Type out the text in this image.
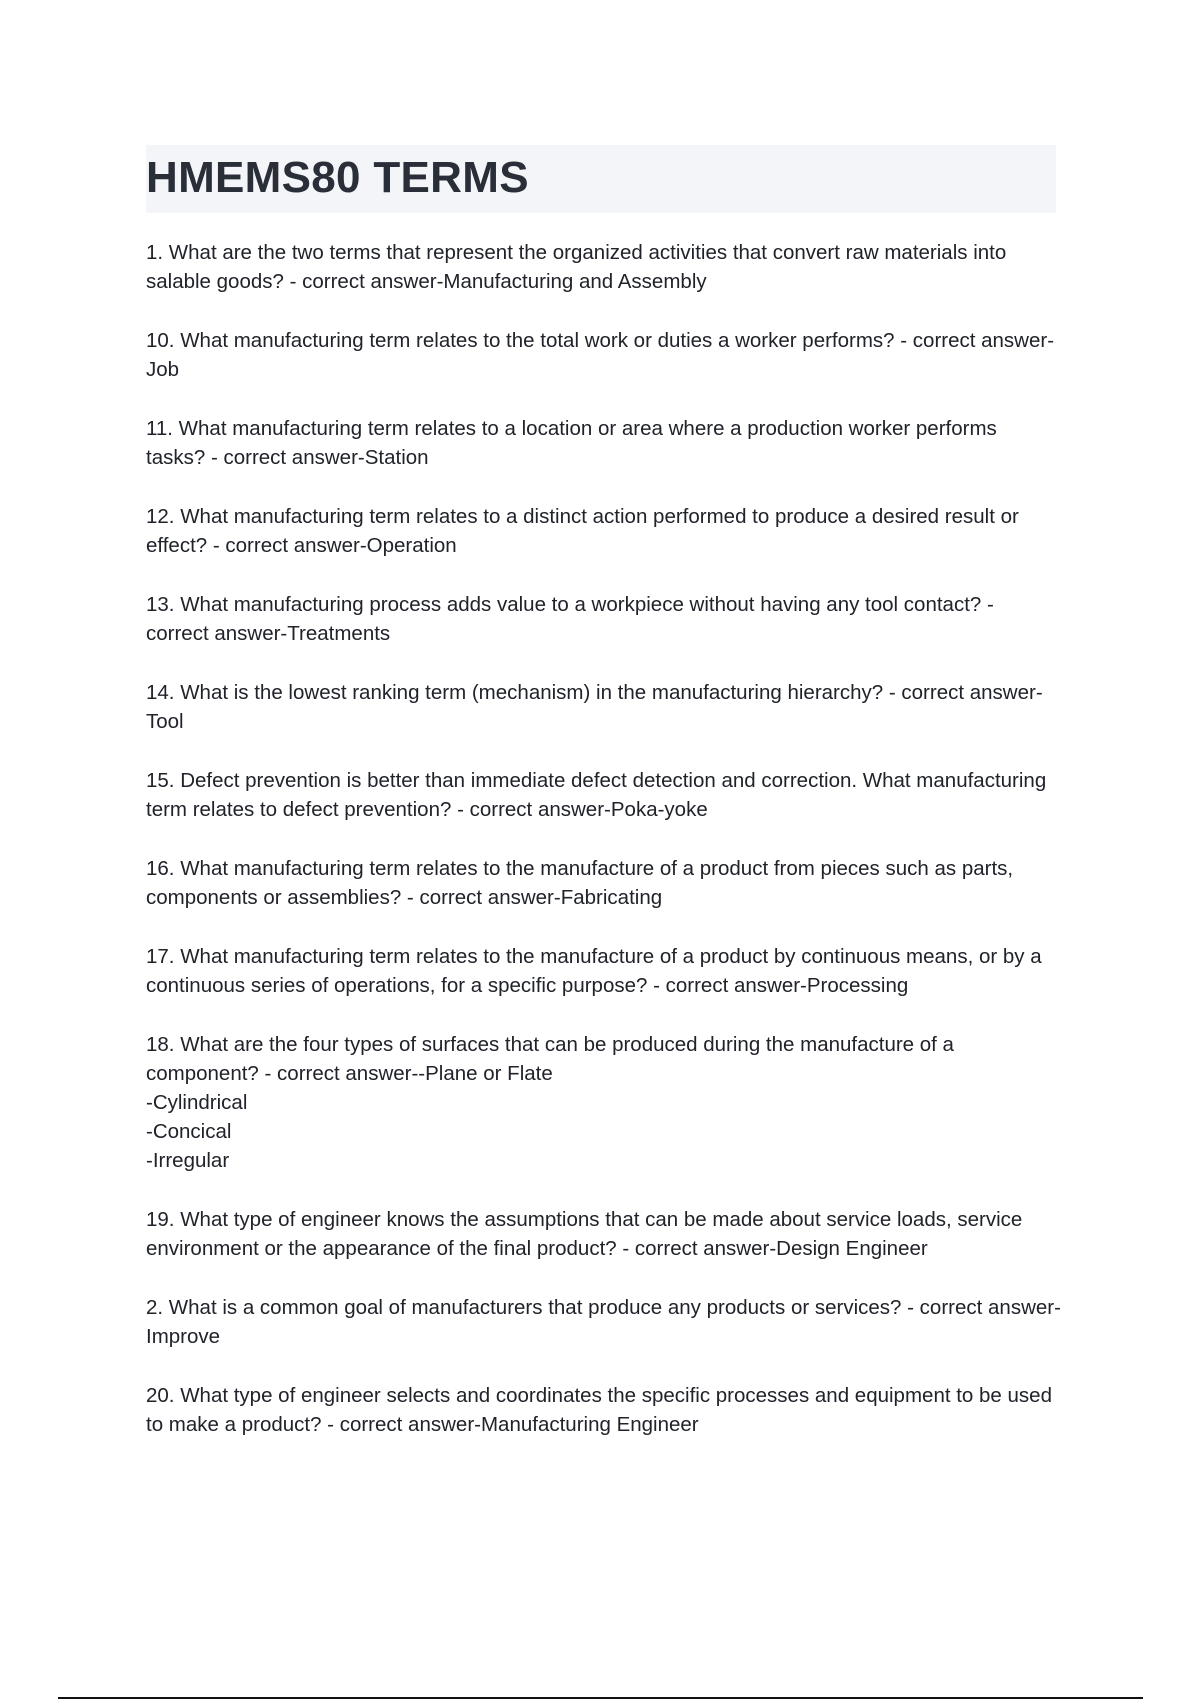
HMEMS80 TERMS

1. What are the two terms that represent the organized activities that convert raw materials into salable goods? - correct answer-Manufacturing and Assembly

10. What manufacturing term relates to the total work or duties a worker performs? - correct answer-Job

11. What manufacturing term relates to a location or area where a production worker performs tasks? - correct answer-Station

12. What manufacturing term relates to a distinct action performed to produce a desired result or effect? - correct answer-Operation

13. What manufacturing process adds value to a workpiece without having any tool contact? - correct answer-Treatments

14. What is the lowest ranking term (mechanism) in the manufacturing hierarchy? - correct answer-Tool

15. Defect prevention is better than immediate defect detection and correction. What manufacturing term relates to defect prevention? - correct answer-Poka-yoke

16. What manufacturing term relates to the manufacture of a product from pieces such as parts, components or assemblies? - correct answer-Fabricating

17. What manufacturing term relates to the manufacture of a product by continuous means, or by a continuous series of operations, for a specific purpose? - correct answer-Processing

18. What are the four types of surfaces that can be produced during the manufacture of a component? - correct answer--Plane or Flate
-Cylindrical
-Concical
-Irregular

19. What type of engineer knows the assumptions that can be made about service loads, service environment or the appearance of the final product? - correct answer-Design Engineer

2. What is a common goal of manufacturers that produce any products or services? - correct answer-Improve

20. What type of engineer selects and coordinates the specific processes and equipment to be used to make a product? - correct answer-Manufacturing Engineer
